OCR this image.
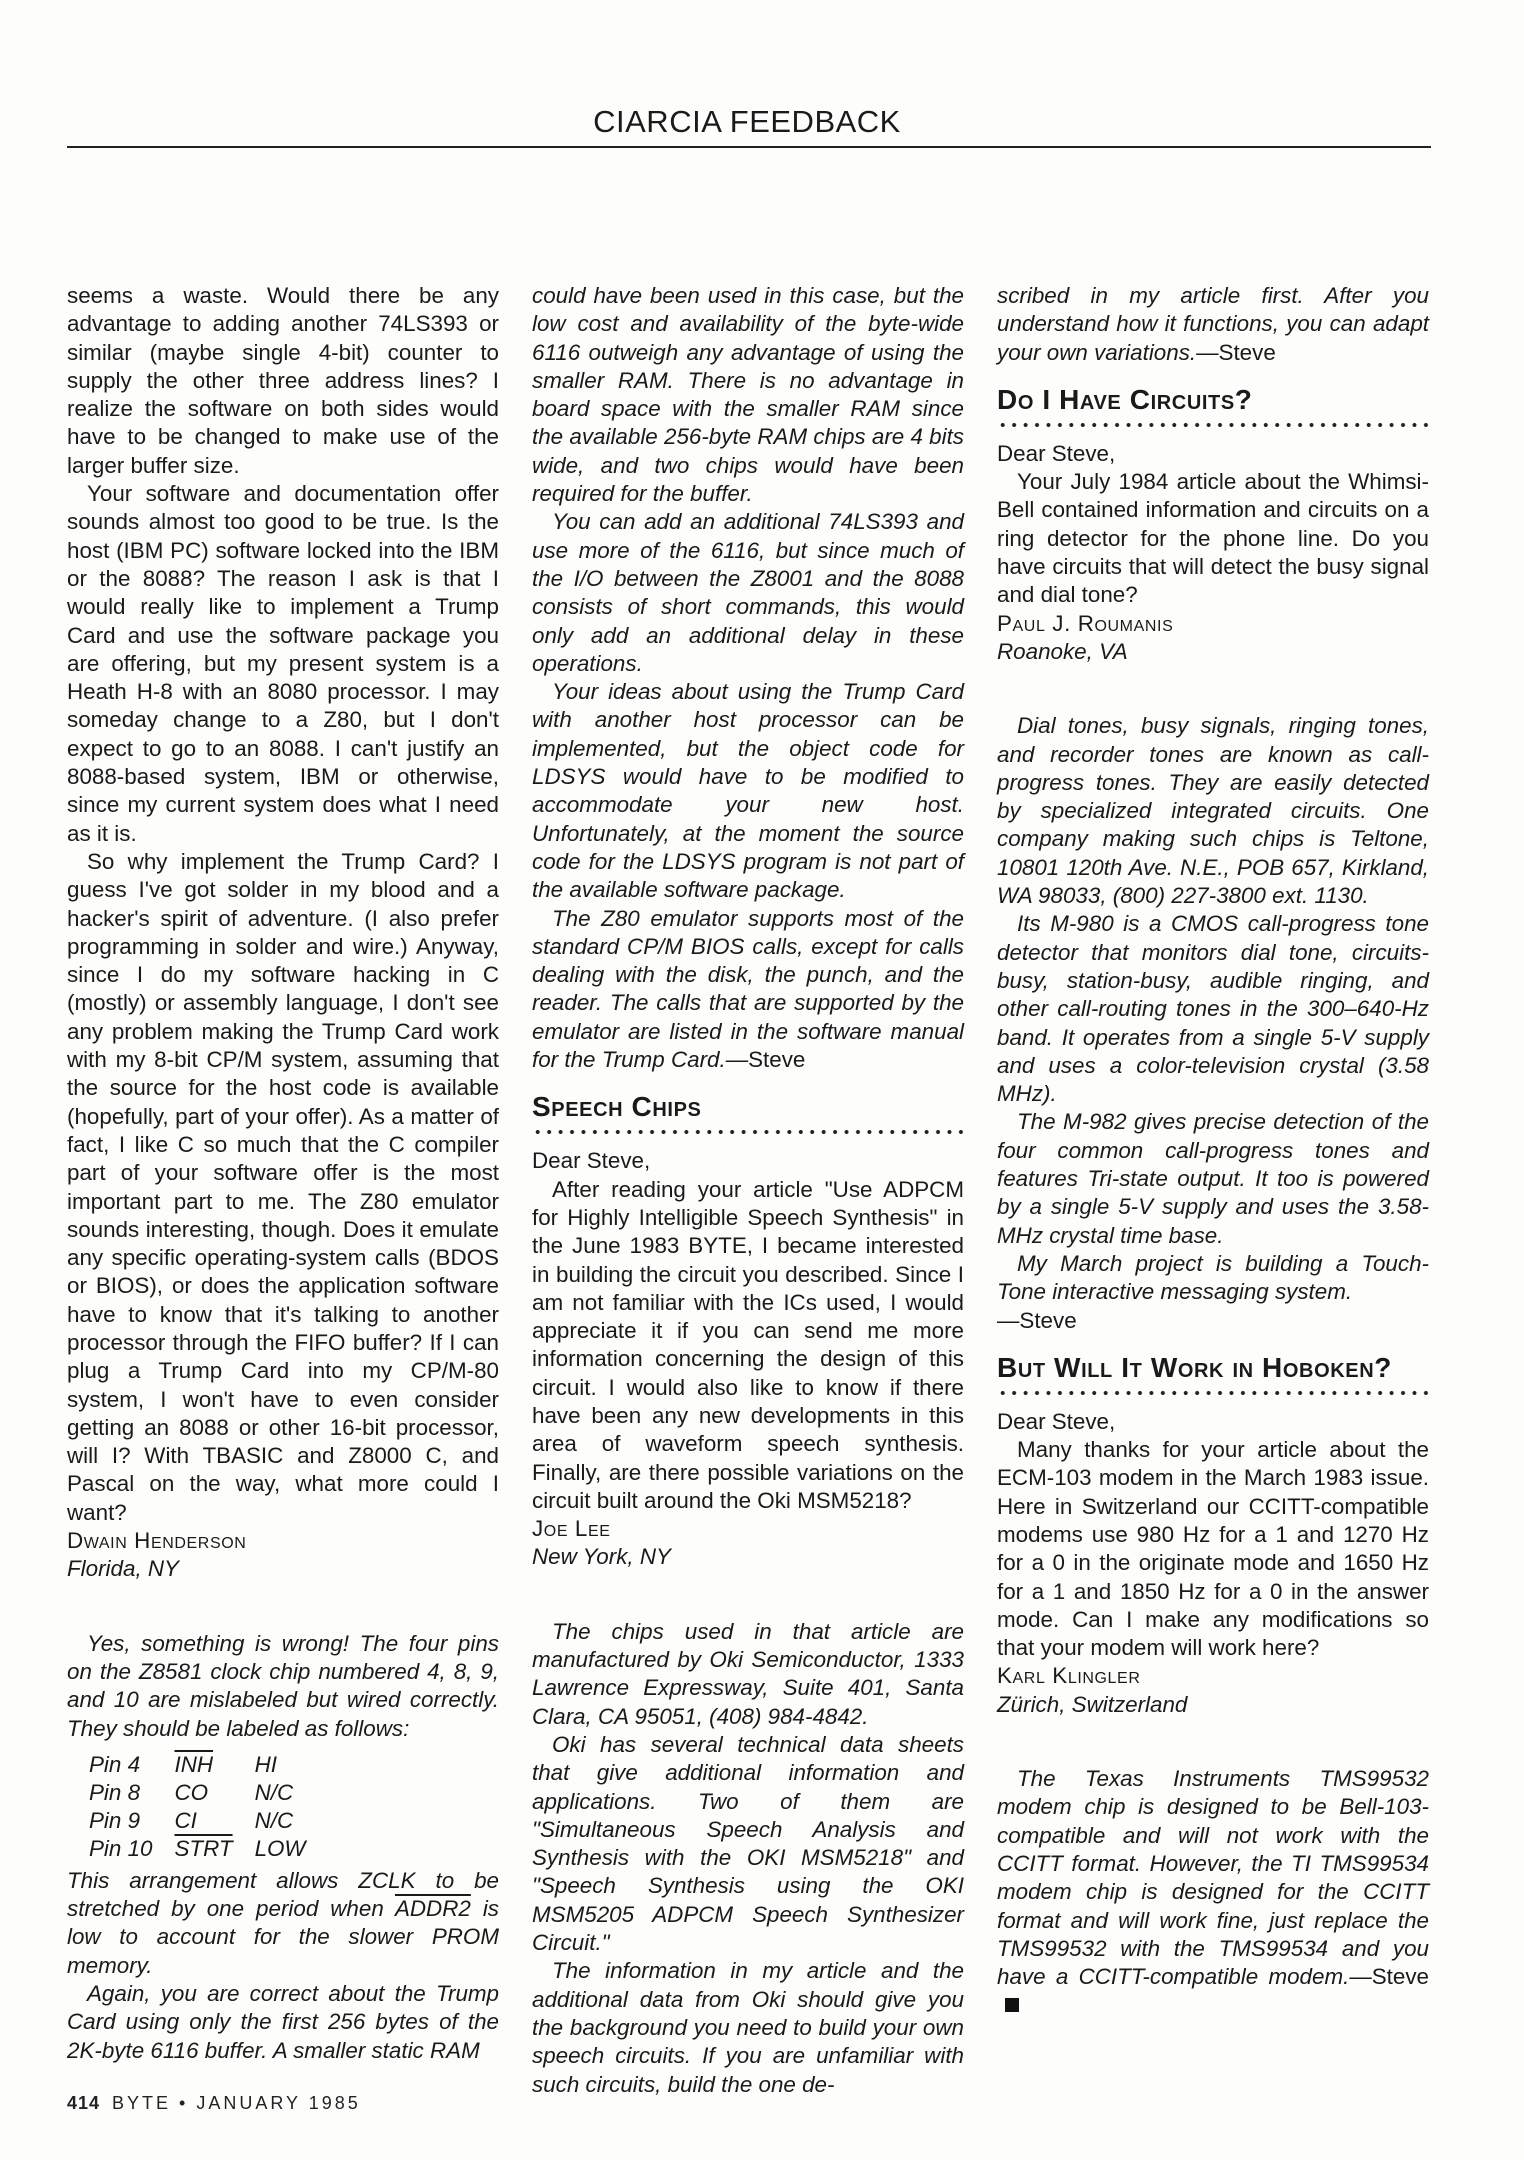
CIARCIA FEEDBACK

seems a waste. Would there be any advantage to adding another 74LS393 or similar (maybe single 4-bit) counter to supply the other three address lines? I realize the software on both sides would have to be changed to make use of the larger buffer size.

Your software and documentation offer sounds almost too good to be true. Is the host (IBM PC) software locked into the IBM or the 8088? The reason I ask is that I would really like to implement a Trump Card and use the software package you are offering, but my present system is a Heath H-8 with an 8080 processor. I may someday change to a Z80, but I don't expect to go to an 8088. I can't justify an 8088-based system, IBM or otherwise, since my current system does what I need as it is.

So why implement the Trump Card? I guess I've got solder in my blood and a hacker's spirit of adventure. (I also prefer programming in solder and wire.) Anyway, since I do my software hacking in C (mostly) or assembly language, I don't see any problem making the Trump Card work with my 8-bit CP/M system, assuming that the source for the host code is available (hopefully, part of your offer). As a matter of fact, I like C so much that the C compiler part of your software offer is the most important part to me. The Z80 emulator sounds interesting, though. Does it emulate any specific operating-system calls (BDOS or BIOS), or does the application software have to know that it's talking to another processor through the FIFO buffer? If I can plug a Trump Card into my CP/M-80 system, I won't have to even consider getting an 8088 or other 16-bit processor, will I? With TBASIC and Z8000 C, and Pascal on the way, what more could I want?

Dwain Henderson
Florida, NY

Yes, something is wrong! The four pins on the Z8581 clock chip numbered 4, 8, 9, and 10 are mislabeled but wired correctly. They should be labeled as follows:

Pin 4	$\overline{INH}$	HI
Pin 8	CO	N/C
Pin 9	CI	N/C
Pin 10	STRT	LOW

This arrangement allows ZCLK to be stretched by one period when ADDR2 is low to account for the slower PROM memory.

Again, you are correct about the Trump Card using only the first 256 bytes of the 2K-byte 6116 buffer. A smaller static RAM

could have been used in this case, but the low cost and availability of the byte-wide 6116 outweigh any advantage of using the smaller RAM. There is no advantage in board space with the smaller RAM since the available 256-byte RAM chips are 4 bits wide, and two chips would have been required for the buffer.

You can add an additional 74LS393 and use more of the 6116, but since much of the I/O between the Z8001 and the 8088 consists of short commands, this would only add an additional delay in these operations.

Your ideas about using the Trump Card with another host processor can be implemented, but the object code for LDSYS would have to be modified to accommodate your new host. Unfortunately, at the moment the source code for the LDSYS program is not part of the available software package.

The Z80 emulator supports most of the standard CP/M BIOS calls, except for calls dealing with the disk, the punch, and the reader. The calls that are supported by the emulator are listed in the software manual for the Trump Card.—Steve

Speech Chips

Dear Steve,

After reading your article "Use ADPCM for Highly Intelligible Speech Synthesis" in the June 1983 BYTE, I became interested in building the circuit you described. Since I am not familiar with the ICs used, I would appreciate it if you can send me more information concerning the design of this circuit. I would also like to know if there have been any new developments in this area of waveform speech synthesis. Finally, are there possible variations on the circuit built around the Oki MSM5218?

Joe Lee
New York, NY

The chips used in that article are manufactured by Oki Semiconductor, 1333 Lawrence Expressway, Suite 401, Santa Clara, CA 95051, (408) 984-4842.

Oki has several technical data sheets that give additional information and applications. Two of them are "Simultaneous Speech Analysis and Synthesis with the OKI MSM5218" and "Speech Synthesis using the OKI MSM5205 ADPCM Speech Synthesizer Circuit."

The information in my article and the additional data from Oki should give you the background you need to build your own speech circuits. If you are unfamiliar with such circuits, build the one de-

scribed in my article first. After you understand how it functions, you can adapt your own variations.—Steve

Do I Have Circuits?

Dear Steve,

Your July 1984 article about the Whimsi-Bell contained information and circuits on a ring detector for the phone line. Do you have circuits that will detect the busy signal and dial tone?

Paul J. Roumanis
Roanoke, VA

Dial tones, busy signals, ringing tones, and recorder tones are known as call-progress tones. They are easily detected by specialized integrated circuits. One company making such chips is Teltone, 10801 120th Ave. N.E., POB 657, Kirkland, WA 98033, (800) 227-3800 ext. 1130.

Its M-980 is a CMOS call-progress tone detector that monitors dial tone, circuits-busy, station-busy, audible ringing, and other call-routing tones in the 300–640-Hz band. It operates from a single 5-V supply and uses a color-television crystal (3.58 MHz).

The M-982 gives precise detection of the four common call-progress tones and features Tri-state output. It too is powered by a single 5-V supply and uses the 3.58-MHz crystal time base.

My March project is building a Touch-Tone interactive messaging system.
—Steve

But Will It Work in Hoboken?

Dear Steve,

Many thanks for your article about the ECM-103 modem in the March 1983 issue. Here in Switzerland our CCITT-compatible modems use 980 Hz for a 1 and 1270 Hz for a 0 in the originate mode and 1650 Hz for a 1 and 1850 Hz for a 0 in the answer mode. Can I make any modifications so that your modem will work here?

Karl Klingler
Zürich, Switzerland

The Texas Instruments TMS99532 modem chip is designed to be Bell-103-compatible and will not work with the CCITT format. However, the TI TMS99534 modem chip is designed for the CCITT format and will work fine, just replace the TMS99532 with the TMS99534 and you have a CCITT-compatible modem.—Steve

414 BYTE • JANUARY 1985
